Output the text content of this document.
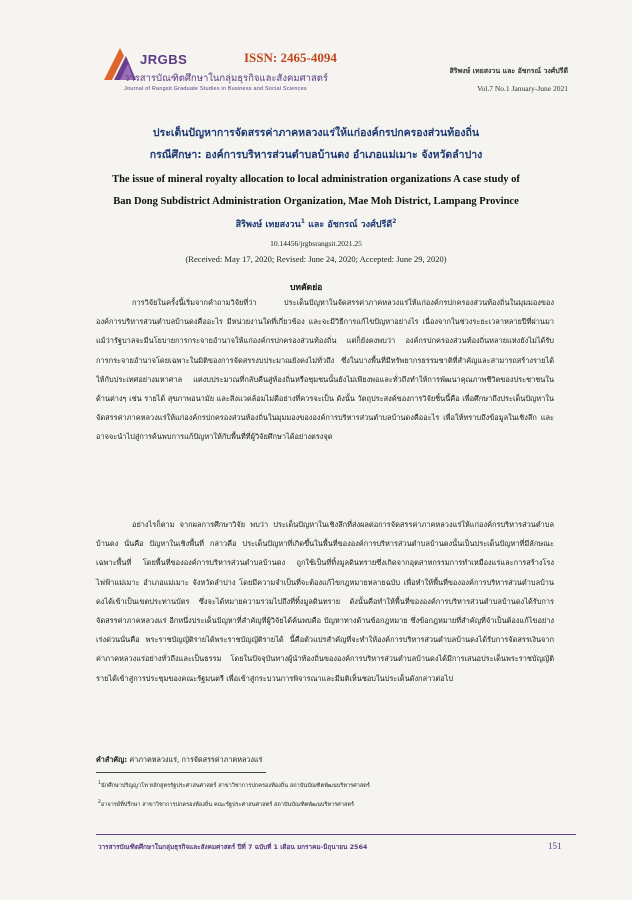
JRGBS	ISSN: 2465-4094
วารสารบัณฑิตศึกษาในกลุ่มธุรกิจและสังคมศาสตร์
Journal of Rangsit Graduate Studies in Business and Social Sciences
สิริพงษ์ เทยสงวน และ อัชกรณ์ วงศ์ปรีดี
Vol.7 No.1 January-June 2021
ประเด็นปัญหาการจัดสรรค่าภาคหลวงแร่ให้แก่องค์กรปกครองส่วนท้องถิ่น
กรณีศึกษา: องค์การบริหารส่วนตำบลบ้านดง อำเภอแม่เมาะ จังหวัดลำปาง
The issue of mineral royalty allocation to local administration organizations A case study of
Ban Dong Subdistrict Administration Organization, Mae Moh District, Lampang Province
สิริพงษ์ เทยสงวน$^1$ และ อัชกรณ์ วงศ์ปรีดี$^2$
10.14456/jrgbsrangsit.2021.25
(Received: May 17, 2020; Revised: June 24, 2020; Accepted: June 29, 2020)
บทคัดย่อ
การวิจัยในครั้งนี้เริ่มจากคำถามวิจัยที่ว่า ประเด็นปัญหาในจัดสรรค่าภาคหลวงแร่ให้แก่องค์กรปกครองส่วนท้องถิ่นในมุมมองขององค์การบริหารส่วนตำบลบ้านดงคืออะไร มีหน่วยงานใดที่เกี่ยวข้อง และจะมีวิธีการแก้ไขปัญหาอย่างไร เนื่องจากในช่วงระยะเวลาหลายปีที่ผ่านมา แม้ว่ารัฐบาลจะมีนโยบายการกระจายอำนาจให้แก่องค์กรปกครองส่วนท้องถิ่น แต่ก็ยังคงพบว่า องค์กรปกครองส่วนท้องถิ่นหลายแห่งยังไม่ได้รับการกระจายอำนาจโดยเฉพาะในมิติของการจัดสรรงบประมาณยังคงไม่ทั่วถึง ซึ่งในบางพื้นที่มีทรัพยากรธรรมชาติที่สำคัญและสามารถสร้างรายได้ให้กับประเทศอย่างมหาศาล แต่งบประมาณที่กลับคืนสู่ท้องถิ่นหรือชุมชนนั้นยังไม่เพียงพอและทั่วถึงทำให้การพัฒนาคุณภาพชีวิตของประชาชนในด้านต่างๆ เช่น รายได้ สุขภาพอนามัย และสิ่งแวดล้อมไม่ดีอย่างที่ควรจะเป็น ดังนั้น วัตถุประสงค์ของการวิจัยชิ้นนี้คือ เพื่อศึกษาถึงประเด็นปัญหาในจัดสรรค่าภาคหลวงแร่ให้แก่องค์กรปกครองส่วนท้องถิ่นในมุมมองขององค์การบริหารส่วนตำบลบ้านดงคืออะไร เพื่อให้ทราบถึงข้อมูลในเชิงลึก และอาจจะนำไปสู่การค้นพบการแก้ปัญหาให้กับพื้นที่ที่ผู้วิจัยศึกษาได้อย่างตรงจุด
อย่างไรก็ตาม จากผลการศึกษาวิจัย พบว่า ประเด็นปัญหาในเชิงลึกที่ส่งผลต่อการจัดสรรค่าภาคหลวงแร่ให้แก่องค์กรบริหารส่วนตำบลบ้านดง นั่นคือ ปัญหาในเชิงพื้นที่ กล่าวคือ ประเด็นปัญหาที่เกิดขึ้นในพื้นที่ขององค์การบริหารส่วนตำบลบ้านดงนั้นเป็นประเด็นปัญหาที่มีลักษณะเฉพาะพื้นที่ โดยพื้นที่ขององค์การบริหารส่วนตำบลบ้านดง ถูกใช้เป็นที่ทิ้งมูลดินทรายซึ่งเกิดจากอุตสาหกรรมการทำเหมืองแร่และการสร้างโรงไฟฟ้าแม่เมาะ อำเภอแม่เมาะ จังหวัดลำปาง โดยมีความจำเป็นที่จะต้องแก้ไขกฎหมายหลายฉบับ เพื่อทำให้พื้นที่ขององค์การบริหารส่วนตำบลบ้านดงได้เข้าเป็นเขตประทานบัตร ซึ่งจะได้หมายความรวมไปถึงที่ทิ้งมูลดินทราย ดังนั้นคือทำให้พื้นที่ขององค์การบริหารส่วนตำบลบ้านดงได้รับการจัดสรรค่าภาคหลวงแร่ อีกหนึ่งประเด็นปัญหาที่สำคัญที่ผู้วิจัยได้ค้นพบคือ ปัญหาทางด้านข้อกฎหมาย ซึ่งข้อกฎหมายที่สำคัญที่จำเป็นต้องแก้ไขอย่างเร่งด่วนนั่นคือ พระราชบัญญัติรายได้พระราชบัญญัติรายได้ นี้คือตัวแปรสำคัญที่จะทำให้องค์การบริหารส่วนตำบลบ้านดงได้รับการจัดสรรเงินจากค่าภาคหลวงแร่อย่างทั่วถึงและเป็นธรรม โดยในปัจจุบันทางผู้นำท้องถิ่นขององค์การบริหารส่วนตำบลบ้านดงได้มีการเสนอประเด็นพระราชบัญญัติรายได้เข้าสู่การประชุมของคณะรัฐมนตรี เพื่อเข้าสู่กระบวนการพิจารณาและมีมติเห็นชอบในประเด็นดังกล่าวต่อไป
คำสำคัญ: ค่าภาคหลวงแร่, การจัดสรรค่าภาคหลวงแร่
$^1$นักศึกษาปริญญาโท หลักสูตรรัฐประศาสนศาสตร์ สาขาวิชาการปกครองท้องถิ่น สถาบันบัณฑิตพัฒนบริหารศาสตร์
$^2$อาจารย์ที่ปรึกษา สาขาวิชาการปกครองท้องถิ่น คณะรัฐประศาสนศาสตร์ สถาบันบัณฑิตพัฒนบริหารศาสตร์
วารสารบัณฑิตศึกษาในกลุ่มธุรกิจและสังคมศาสตร์ ปีที่ 7 ฉบับที่ 1 เดือน มกราคม-มิถุนายน 2564	151
